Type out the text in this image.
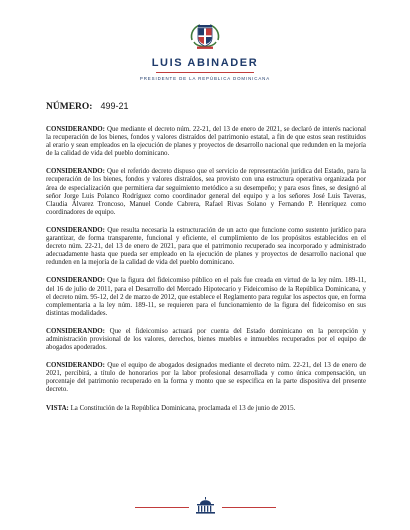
LUIS ABINADER
PRESIDENTE DE LA REPÚBLICA DOMINICANA
NÚMERO: 499-21

CONSIDERANDO: Que mediante el decreto núm. 22-21, del 13 de enero de 2021, se declaró de interés nacional la recuperación de los bienes, fondos y valores distraídos del patrimonio estatal, a fin de que estos sean restituidos al erario y sean empleados en la ejecución de planes y proyectos de desarrollo nacional que redunden en la mejoría de la calidad de vida del pueblo dominicano.

CONSIDERANDO: Que el referido decreto dispuso que el servicio de representación jurídica del Estado, para la recuperación de los bienes, fondos y valores distraídos, sea provisto con una estructura operativa organizada por área de especialización que permitiera dar seguimiento metódico a su desempeño; y para esos fines, se designó al señor Jorge Luis Polanco Rodríguez como coordinador general del equipo y a los señores José Luis Taveras, Claudia Álvarez Troncoso, Manuel Conde Cabrera, Rafael Rivas Solano y Fernando P. Henríquez como coordinadores de equipo.

CONSIDERANDO: Que resulta necesaria la estructuración de un acto que funcione como sustento jurídico para garantizar, de forma transparente, funcional y eficiente, el cumplimiento de los propósitos establecidos en el decreto núm. 22-21, del 13 de enero de 2021, para que el patrimonio recuperado sea incorporado y administrado adecuadamente hasta que pueda ser empleado en la ejecución de planes y proyectos de desarrollo nacional que redunden en la mejoría de la calidad de vida del pueblo dominicano.

CONSIDERANDO: Que la figura del fideicomiso público en el país fue creada en virtud de la ley núm. 189-11, del 16 de julio de 2011, para el Desarrollo del Mercado Hipotecario y Fideicomiso de la República Dominicana, y el decreto núm. 95-12, del 2 de marzo de 2012, que establece el Reglamento para regular los aspectos que, en forma complementaria a la ley núm. 189-11, se requieren para el funcionamiento de la figura del fideicomiso en sus distintas modalidades.

CONSIDERANDO: Que el fideicomiso actuará por cuenta del Estado dominicano en la percepción y administración provisional de los valores, derechos, bienes muebles e inmuebles recuperados por el equipo de abogados apoderados.

CONSIDERANDO: Que el equipo de abogados designados mediante el decreto núm. 22-21, del 13 de enero de 2021, percibirá, a título de honorarios por la labor profesional desarrollada y como única compensación, un porcentaje del patrimonio recuperado en la forma y monto que se especifica en la parte dispositiva del presente decreto.

VISTA: La Constitución de la República Dominicana, proclamada el 13 de junio de 2015.
